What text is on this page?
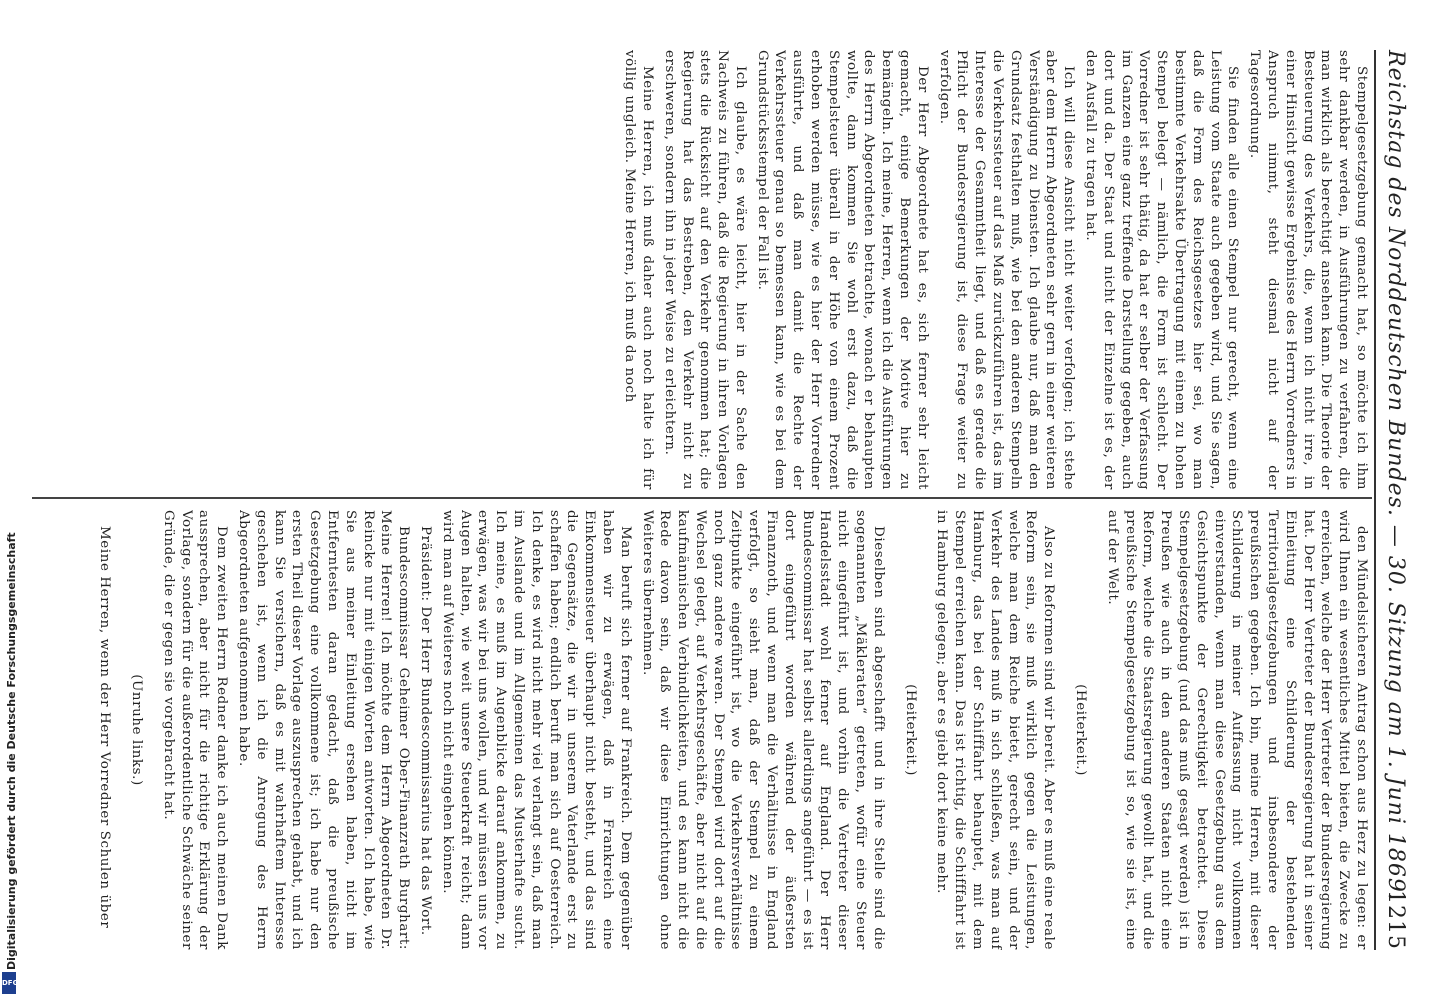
Reichstag des Norddeutschen Bundes. — 30. Sitzung am 1. Juni 1869.
1215

Stempelgesetzgebung gemacht hat, so möchte ich ihm sehr dankbar werden, in Ausführungen zu verfahren, die man wirklich als berechtigt ansehen kann. Die Theorie der Besteuerung des Verkehrs, die, wenn ich nicht irre, in einer Hinsicht gewisse Ergebnisse des Herrn Vorredners in Anspruch nimmt, steht diesmal nicht auf der Tagesordnung.

Sie finden alle einen Stempel nur gerecht, wenn eine Leistung vom Staate auch gegeben wird, und Sie sagen, daß die Form des Reichsgesetzes hier sei, wo man bestimmte Verkehrsakte Übertragung mit einem zu hohen Stempel belegt — nämlich, die Form ist schlecht. Der Vorredner ist sehr thätig, da hat er selber der Verfassung im Ganzen eine ganz treffende Darstellung gegeben, auch dort und da. Der Staat und nicht der Einzelne ist es, der den Ausfall zu tragen hat.

Ich will diese Ansicht nicht weiter verfolgen; ich stehe aber dem Herrn Abgeordneten sehr gern in einer weiteren Verständigung zu Diensten. Ich glaube nur, daß man den Grundsatz festhalten muß, wie bei den anderen Stempeln die Verkehrssteuer auf das Maß zurückzuführen ist, das im Interesse der Gesammtheit liegt, und daß es gerade die Pflicht der Bundesregierung ist, diese Frage weiter zu verfolgen.

Der Herr Abgeordnete hat es, sich ferner sehr leicht gemacht, einige Bemerkungen der Motive hier zu bemängeln. Ich meine, Herren, wenn ich die Ausführungen des Herrn Abgeordneten betrachte, wonach er behaupten wollte, dann kommen Sie wohl erst dazu, daß die Stempelsteuer überall in der Höhe von einem Prozent erhoben werden müsse, wie es hier der Herr Vorredner ausführte, und daß man damit die Rechte der Verkehrssteuer genau so bemessen kann, wie es bei dem Grundstücksstempel der Fall ist.

Ich glaube, es wäre leicht, hier in der Sache den Nachweis zu führen, daß die Regierung in ihren Vorlagen stets die Rücksicht auf den Verkehr genommen hat; die Regierung hat das Bestreben, den Verkehr nicht zu erschweren, sondern ihn in jeder Weise zu erleichtern.

Meine Herren, ich muß daher auch noch halte ich für völlig ungleich. Meine Herren, ich muß da noch

den Mündelsicheren Antrag schon aus Herz zu legen: er wird Ihnen ein wesentliches Mittel bieten, die Zwecke zu erreichen, welche der Herr Vertreter der Bundesregierung hat. Der Herr Vertreter der Bundesregierung hat in seiner Einleitung eine Schilderung der bestehenden Territorialgesetzgebungen und insbesondere der preußischen gegeben. Ich bin, meine Herren, mit dieser Schilderung in meiner Auffassung nicht vollkommen einverstanden, wenn man diese Gesetzgebung aus dem Gesichtspunkte der Gerechtigkeit betrachtet. Diese Stempelgesetzgebung (und das muß gesagt werden) ist in Preußen wie auch in den anderen Staaten nicht eine Reform, welche die Staatsregierung gewollt hat, und die preußische Stempelgesetzgebung ist so, wie sie ist, eine auf der Welt.

(Heiterkeit.)

Also zu Reformen sind wir bereit. Aber es muß eine reale Reform sein, sie muß wirklich gegen die Leistungen, welche man dem Reiche bietet, gerecht sein, und der Verkehr des Landes muß in sich schließen, was man auf Hamburg, das bei der Schifffahrt behauptet, mit dem Stempel erreichen kann. Das ist richtig, die Schifffahrt ist in Hamburg gelegen; aber es giebt dort keine mehr.

(Heiterkeit.)

Dieselben sind abgeschafft und in ihre Stelle sind die sogenannten „Mäkleraten“ getreten, wofür eine Steuer nicht eingeführt ist, und vorhin die Vertreter dieser Handelsstadt wohl ferner auf England. Der Herr Bundescommissar hat selbst allerdings angeführt — es ist dort eingeführt worden während der äußersten Finanznoth, und wenn man die Verhältnisse in England verfolgt, so sieht man, daß der Stempel zu einem Zeitpunkte eingeführt ist, wo die Verkehrsverhältnisse noch ganz andere waren. Der Stempel wird dort auf die Wechsel gelegt, auf Verkehrsgeschäfte, aber nicht auf die kaufmännischen Verbindlichkeiten, und es kann nicht die Rede davon sein, daß wir diese Einrichtungen ohne Weiteres übernehmen.

Man beruft sich ferner auf Frankreich. Dem gegenüber haben wir zu erwägen, daß in Frankreich eine Einkommensteuer überhaupt nicht besteht, und das sind die Gegensätze, die wir in unserem Vaterlande erst zu schaffen haben; endlich beruft man sich auf Oesterreich. Ich denke, es wird nicht mehr viel verlangt sein, daß man im Auslande und im Allgemeinen das Musterhafte sucht. Ich meine, es muß im Augenblicke darauf ankommen, zu erwägen, was wir bei uns wollen, und wir müssen uns vor Augen halten, wie weit unsere Steuerkraft reicht; dann wird man auf Weiteres noch nicht eingehen können.

Präsident: Der Herr Bundescommissarius hat das Wort.

Bundescommissar Geheimer Ober-Finanzrath Burghart: Meine Herren! Ich möchte dem Herrn Abgeordneten Dr. Reincke nur mit einigen Worten antworten. Ich habe, wie Sie aus meiner Einleitung ersehen haben, nicht im Entferntesten daran gedacht, daß die preußische Gesetzgebung eine vollkommene ist; ich habe nur den ersten Theil dieser Vorlage auszusprechen gehabt, und ich kann Sie versichern, daß es mit wahrhaftem Interesse geschehen ist, wenn ich die Anregung des Herrn Abgeordneten aufgenommen habe.

Dem zweiten Herrn Redner danke ich auch meinen Dank aussprechen, aber nicht für die richtige Erklärung der Vorlage, sondern für die außerordentliche Schwäche seiner Gründe, die er gegen sie vorgebracht hat.

(Unruhe links.)

Meine Herren, wenn der Herr Vorredner Schulen über

Digitalisierung gefördert durch die Deutsche Forschungsgemeinschaft
DFG
